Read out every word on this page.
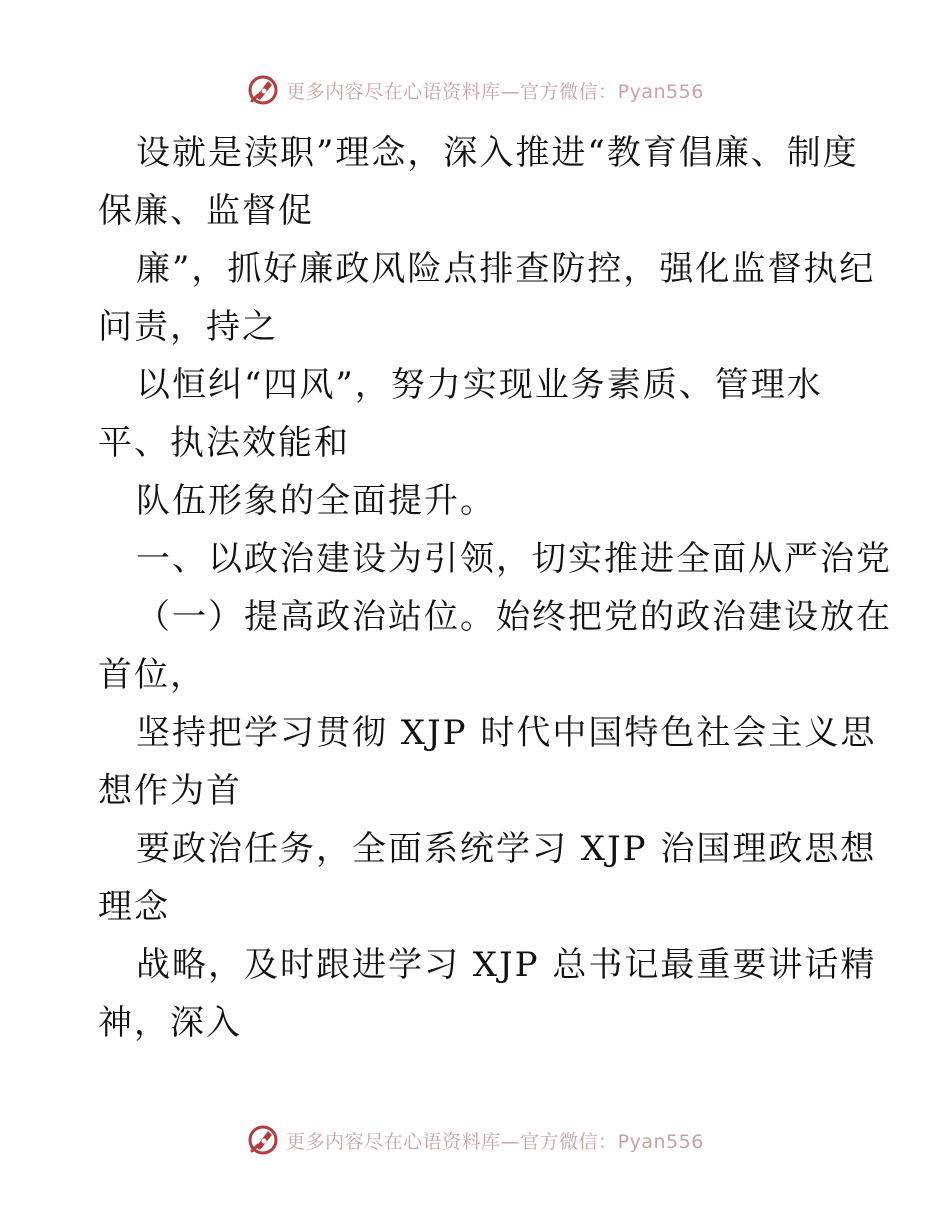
更多内容尽在心语资料库—官方微信：Pyan556
设就是渎职”理念，深入推进“教育倡廉、制度
保廉、监督促
廉”，抓好廉政风险点排查防控，强化监督执纪
问责，持之
以恒纠“四风”，努力实现业务素质、管理水
平、执法效能和
队伍形象的全面提升。
一、以政治建设为引领，切实推进全面从严治党
（一）提高政治站位。始终把党的政治建设放在
首位，
坚持把学习贯彻 XJP 时代中国特色社会主义思
想作为首
要政治任务，全面系统学习 XJP 治国理政思想
理念
战略，及时跟进学习 XJP 总书记最重要讲话精
神，深入
更多内容尽在心语资料库—官方微信：Pyan556
